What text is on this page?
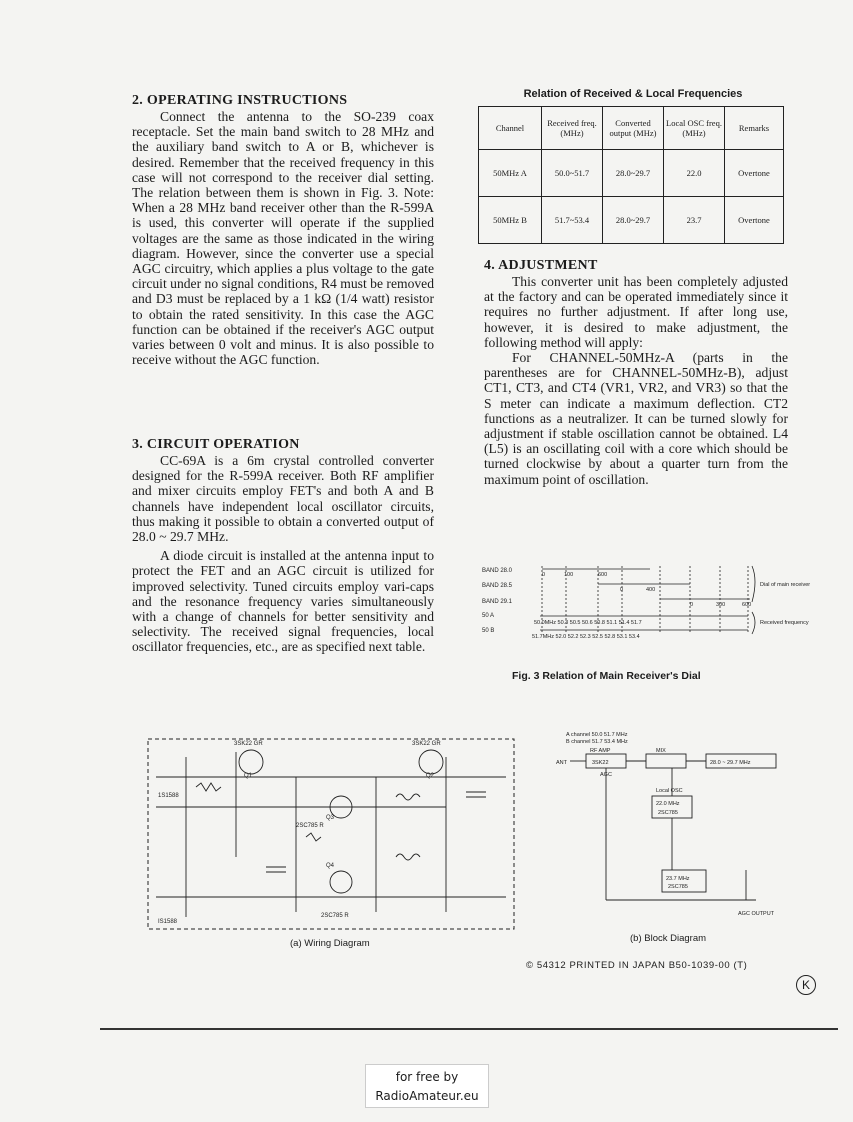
2. OPERATING INSTRUCTIONS

Connect the antenna to the SO-239 coax receptacle. Set the main band switch to 28 MHz and the auxiliary band switch to A or B, whichever is desired. Remember that the received frequency in this case will not correspond to the receiver dial setting. The relation between them is shown in Fig. 3. Note: When a 28 MHz band receiver other than the R-599A is used, this converter will operate if the supplied voltages are the same as those indicated in the wiring diagram. However, since the converter use a special AGC circuitry, which applies a plus voltage to the gate circuit under no signal conditions, R4 must be removed and D3 must be replaced by a 1 kΩ (1/4 watt) resistor to obtain the rated sensitivity. In this case the AGC function can be obtained if the receiver's AGC output varies between 0 volt and minus. It is also possible to receive without the AGC function.

3. CIRCUIT OPERATION

CC-69A is a 6m crystal controlled converter designed for the R-599A receiver. Both RF amplifier and mixer circuits employ FET's and both A and B channels have independent local oscillator circuits, thus making it possible to obtain a converted output of 28.0 ~ 29.7 MHz.

A diode circuit is installed at the antenna input to protect the FET and an AGC circuit is utilized for improved selectivity. Tuned circuits employ vari-caps and the resonance frequency varies simultaneously with a change of channels for better sensitivity and selectivity. The received signal frequencies, local oscillator frequencies, etc., are as specified next table.

Relation of Received & Local Frequencies
Channel	Received freq. (MHz)	Converted output (MHz)	Local OSC freq. (MHz)	Remarks
50MHz A	50.0~51.7	28.0~29.7	22.0	Overtone
50MHz B	51.7~53.4	28.0~29.7	23.7	Overtone
4. ADJUSTMENT

This converter unit has been completely adjusted at the factory and can be operated immediately since it requires no further adjustment. If after long use, however, it is desired to make adjustment, the following method will apply:

For CHANNEL-50MHz-A (parts in the parentheses are for CHANNEL-50MHz-B), adjust CT1, CT3, and CT4 (VR1, VR2, and VR3) so that the S meter can indicate a maximum deflection. CT2 functions as a neutralizer. It can be turned slowly for adjustment if stable oscillation cannot be obtained. L4 (L5) is an oscillating coil with a core which should be turned clockwise by about a quarter turn from the maximum point of oscillation.

BAND 28.0
BAND 28.5
BAND 29.1
50 A
50 B
0	100	600
0	400
0	300	600
50.0MHz 50.3 50.5 50.6 50.8 51.1 51.4 51.7
51.7MHz 52.0 52.2 52.3 52.5 52.8 53.1 53.4
Dial of main receiver
Received frequency
Fig. 3 Relation of Main Receiver's Dial
3SK22 GR	3SK22 GR
2SC785 R
2SC785 R
Q1	Q2
Q3
Q4
1S1588
IS1588
(a) Wiring Diagram
A channel 50.0 51.7 MHz
B channel 51.7 53.4 MHz
ANT
RF AMP
3SK22
AGC
MIX
Local OSC
22.0 MHz
2SC785
23.7 MHz
2SC785
28.0 ~ 29.7 MHz
AGC OUTPUT
(b) Block Diagram
© 54312 PRINTED IN JAPAN B50-1039-00 (T)
K
for free by
RadioAmateur.eu
